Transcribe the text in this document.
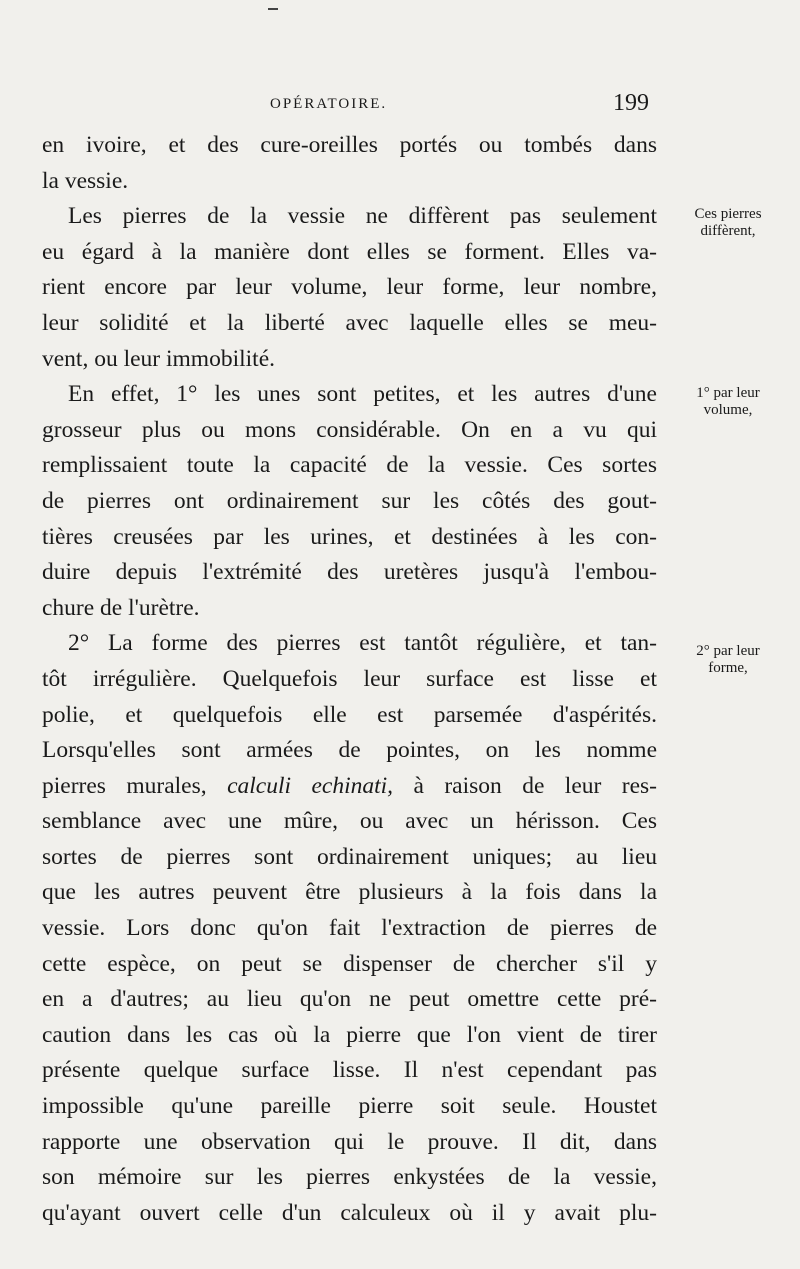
OPÉRATOIRE.	199

en ivoire, et des cure-oreilles portés ou tombés dans
la vessie.

Les pierres de la vessie ne diffèrent pas seulement
eu égard à la manière dont elles se forment. Elles va-
rient encore par leur volume, leur forme, leur nombre,
leur solidité et la liberté avec laquelle elles se meu-
vent, ou leur immobilité.

En effet, 1° les unes sont petites, et les autres d'une
grosseur plus ou mons considérable. On en a vu qui
remplissaient toute la capacité de la vessie. Ces sortes
de pierres ont ordinairement sur les côtés des gout-
tières creusées par les urines, et destinées à les con-
duire depuis l'extrémité des uretères jusqu'à l'embou-
chure de l'urètre.

2° La forme des pierres est tantôt régulière, et tan-
tôt irrégulière. Quelquefois leur surface est lisse et
polie, et quelquefois elle est parsemée d'aspérités.
Lorsqu'elles sont armées de pointes, on les nomme
pierres murales, calculi echinati, à raison de leur res-
semblance avec une mûre, ou avec un hérisson. Ces
sortes de pierres sont ordinairement uniques; au lieu
que les autres peuvent être plusieurs à la fois dans la
vessie. Lors donc qu'on fait l'extraction de pierres de
cette espèce, on peut se dispenser de chercher s'il y
en a d'autres; au lieu qu'on ne peut omettre cette pré-
caution dans les cas où la pierre que l'on vient de tirer
présente quelque surface lisse. Il n'est cependant pas
impossible qu'une pareille pierre soit seule. Houstet
rapporte une observation qui le prouve. Il dit, dans
son mémoire sur les pierres enkystées de la vessie,
qu'ayant ouvert celle d'un calculeux où il y avait plu-

Ces pierres
diffèrent,
1° par leur
volume,
2° par leur
forme,
